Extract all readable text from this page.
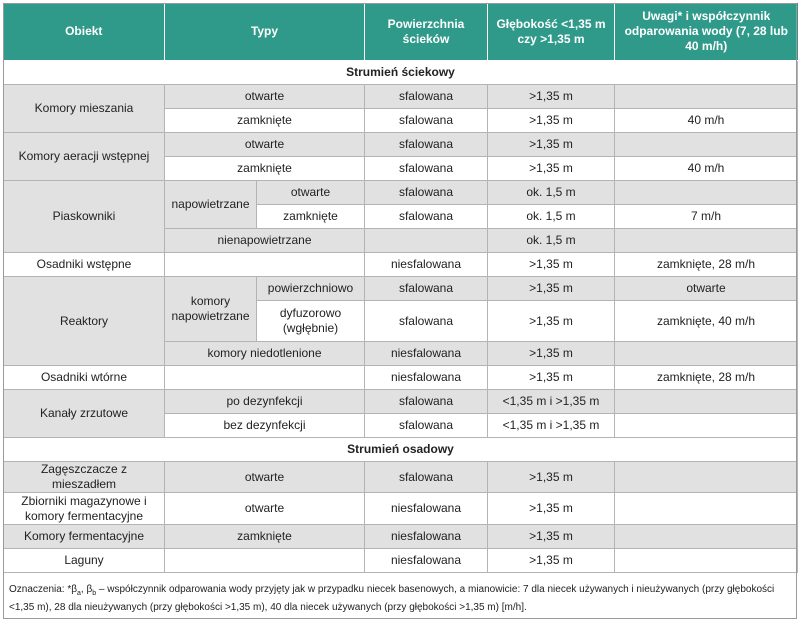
Obiekt	Typy		Powierzchnia ścieków	Głębokość <1,35 m czy >1,35 m	Uwagi* i współczynnik odparowania wody (7, 28 lub 40 m/h)
Strumień ściekowy					
Komory mieszania	otwarte		sfalowana	>1,35 m	
	zamknięte		sfalowana	>1,35 m	40 m/h
Komory aeracji wstępnej	otwarte		sfalowana	>1,35 m	
	zamknięte		sfalowana	>1,35 m	40 m/h
Piaskowniki	napowietrzane	otwarte	sfalowana	ok. 1,5 m	
		zamknięte	sfalowana	ok. 1,5 m	7 m/h
	nienapowietrzane			ok. 1,5 m	
Osadniki wstępne			niesfalowana	>1,35 m	zamknięte, 28 m/h
Reaktory	komory napowietrzane	powierzchniowo	sfalowana	>1,35 m	otwarte
		dyfuzorowo (wgłębnie)	sfalowana	>1,35 m	zamknięte, 40 m/h
	komory niedotlenione		niesfalowana	>1,35 m	
Osadniki wtórne			niesfalowana	>1,35 m	zamknięte, 28 m/h
Kanały zrzutowe	po dezynfekcji		sfalowana	<1,35 m i >1,35 m	
	bez dezynfekcji		sfalowana	<1,35 m i >1,35 m	
Strumień osadowy					
Zagęszczacze z mieszadłem	otwarte		sfalowana	>1,35 m	
Zbiorniki magazynowe i komory fermentacyjne	otwarte		niesfalowana	>1,35 m	
Komory fermentacyjne	zamknięte		niesfalowana	>1,35 m	
Laguny			niesfalowana	>1,35 m	
Oznaczenia: $*\beta_a$, $\beta_b$ – współczynnik odparowania wody przyjęty jak w przypadku niecek basenowych, a mianowicie: 7 dla niecek używanych i nieużywanych (przy głębokości <1,35 m), 28 dla nieużywanych (przy głębokości >1,35 m), 40 dla niecek używanych (przy głębokości >1,35 m) [m/h].
